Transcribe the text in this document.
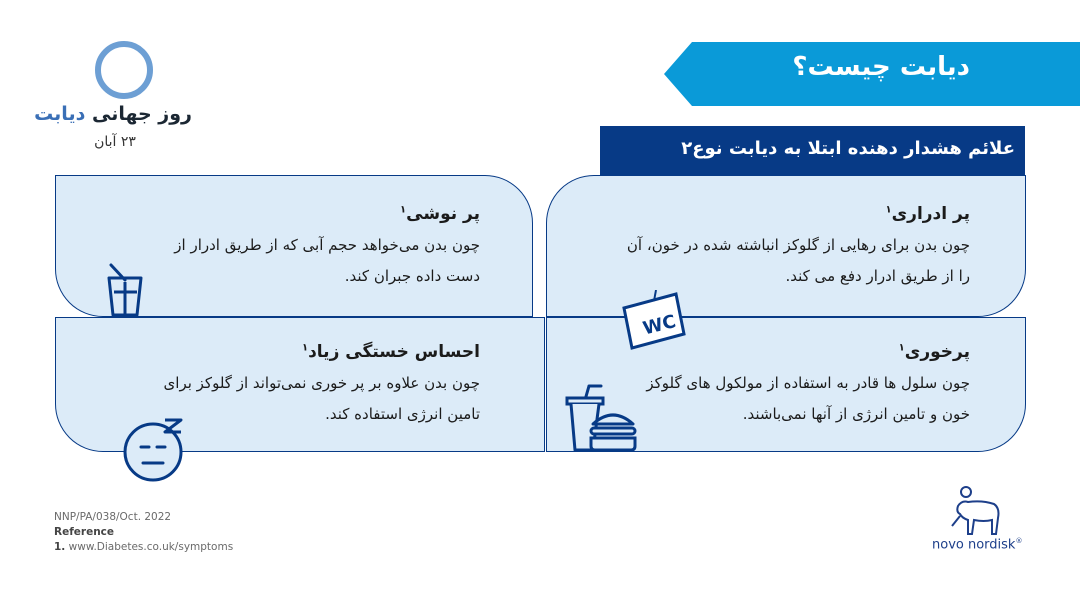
روز جهانی دیابت
۲۳ آبان
دیابت چیست؟
علائم هشدار دهنده ابتلا به دیابت نوع۲
پر ادراری$^۱$
چون بدن برای رهایی از گلوکز انباشته شده در خون، آن
را از طریق ادرار دفع می کند.
WC
پر نوشی$^۱$
چون بدن می‌خواهد حجم آبی که از طریق ادرار از
دست داده جبران کند.
احساس خستگی زیاد$^۱$
چون بدن علاوه بر پر خوری نمی‌تواند از گلوکز برای
تامین انرژی استفاده کند.
پرخوری$^۱$
چون سلول ها قادر به استفاده از مولکول های گلوکز
خون و تامین انرژی از آنها نمی‌باشند.
NNP/PA/038/Oct. 2022
Reference
1. www.Diabetes.co.uk/symptoms	novo nordisk®
